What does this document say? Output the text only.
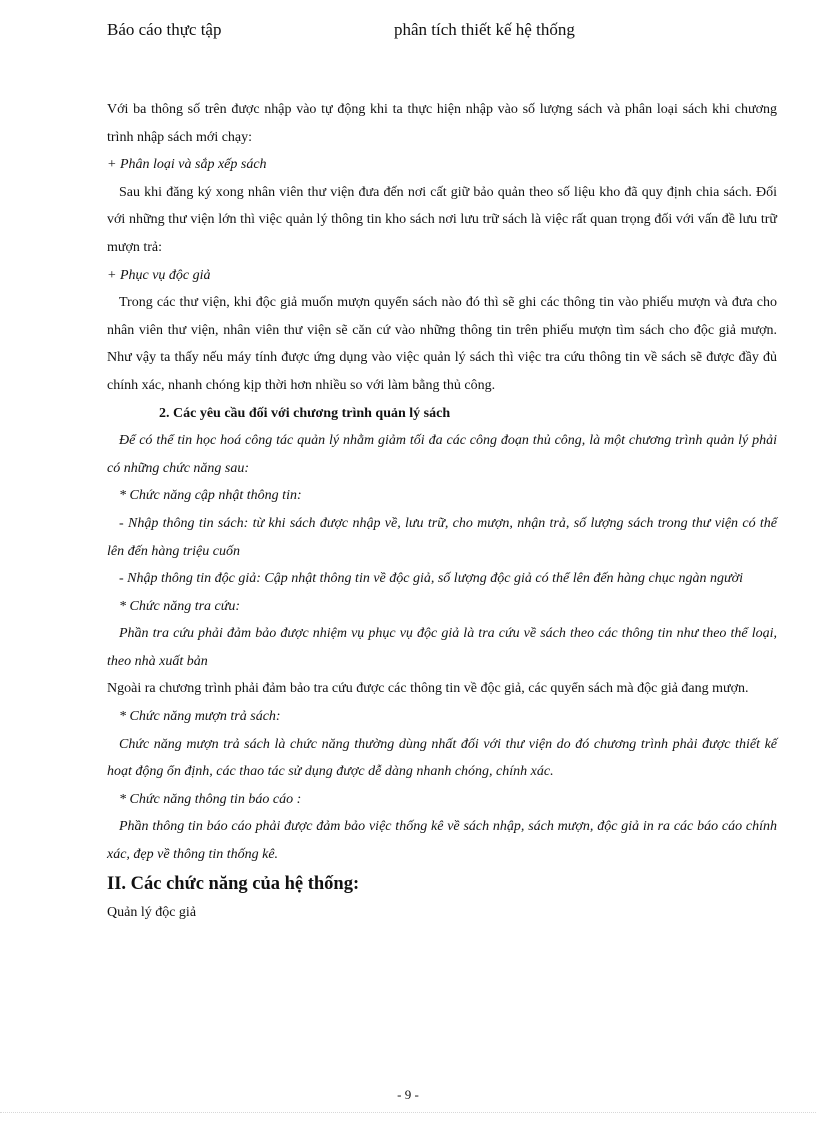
Báo cáo thực tập	phân tích thiết kế hệ thống

Với ba thông số trên được nhập vào tự động khi ta thực hiện nhập vào số lượng sách và phân loại sách khi chương trình nhập sách mới chạy:

+ Phân loại và sắp xếp sách

Sau khi đăng ký xong nhân viên thư viện đưa đến nơi cất giữ bảo quản theo số liệu kho đã quy định chia sách. Đối với những thư viện lớn thì việc quản lý thông tin kho sách nơi lưu trữ sách là việc rất quan trọng đối với vấn đề lưu trữ mượn trả:

+ Phục vụ độc giả

Trong các thư viện, khi độc giả muốn mượn quyển sách nào đó thì sẽ ghi các thông tin vào phiếu mượn và đưa cho nhân viên thư viện, nhân viên thư viện sẽ căn cứ vào những thông tin trên phiếu mượn tìm sách cho độc giả mượn. Như vậy ta thấy nếu máy tính được ứng dụng vào việc quản lý sách thì việc tra cứu thông tin về sách sẽ được đầy đủ chính xác, nhanh chóng kịp thời hơn nhiều so với làm bằng thủ công.

2. Các yêu cầu đối với chương trình quản lý sách

Để có thể tin học hoá công tác quản lý nhằm giảm tối đa các công đoạn thủ công, là một chương trình quản lý phải có những chức năng sau:

* Chức năng cập nhật thông tin:

- Nhập thông tin sách: từ khi sách được nhập về, lưu trữ, cho mượn, nhận trả, số lượng sách trong thư viện có thể lên đến hàng triệu cuốn

- Nhập thông tin độc giả: Cập nhật thông tin về độc giả, số lượng độc giả có thể lên đến hàng chục ngàn người

* Chức năng tra cứu:

Phần tra cứu phải đảm bảo được nhiệm vụ phục vụ độc giả là tra cứu về sách theo các thông tin như theo thể loại, theo nhà xuất bản

Ngoài ra chương trình phải đảm bảo tra cứu được các thông tin về độc giả, các quyển sách mà độc giả đang mượn.

* Chức năng mượn trả sách:

Chức năng mượn trả sách là chức năng thường dùng nhất đối với thư viện do đó chương trình phải được thiết kế hoạt động ổn định, các thao tác sử dụng được dễ dàng nhanh chóng, chính xác.

* Chức năng thông tin báo cáo :

Phần thông tin báo cáo phải được đảm bảo việc thống kê về sách nhập, sách mượn, độc giả in ra các báo cáo chính xác, đẹp về thông tin thống kê.

II. Các chức năng của hệ thống:

Quản lý độc giả

- 9 -
